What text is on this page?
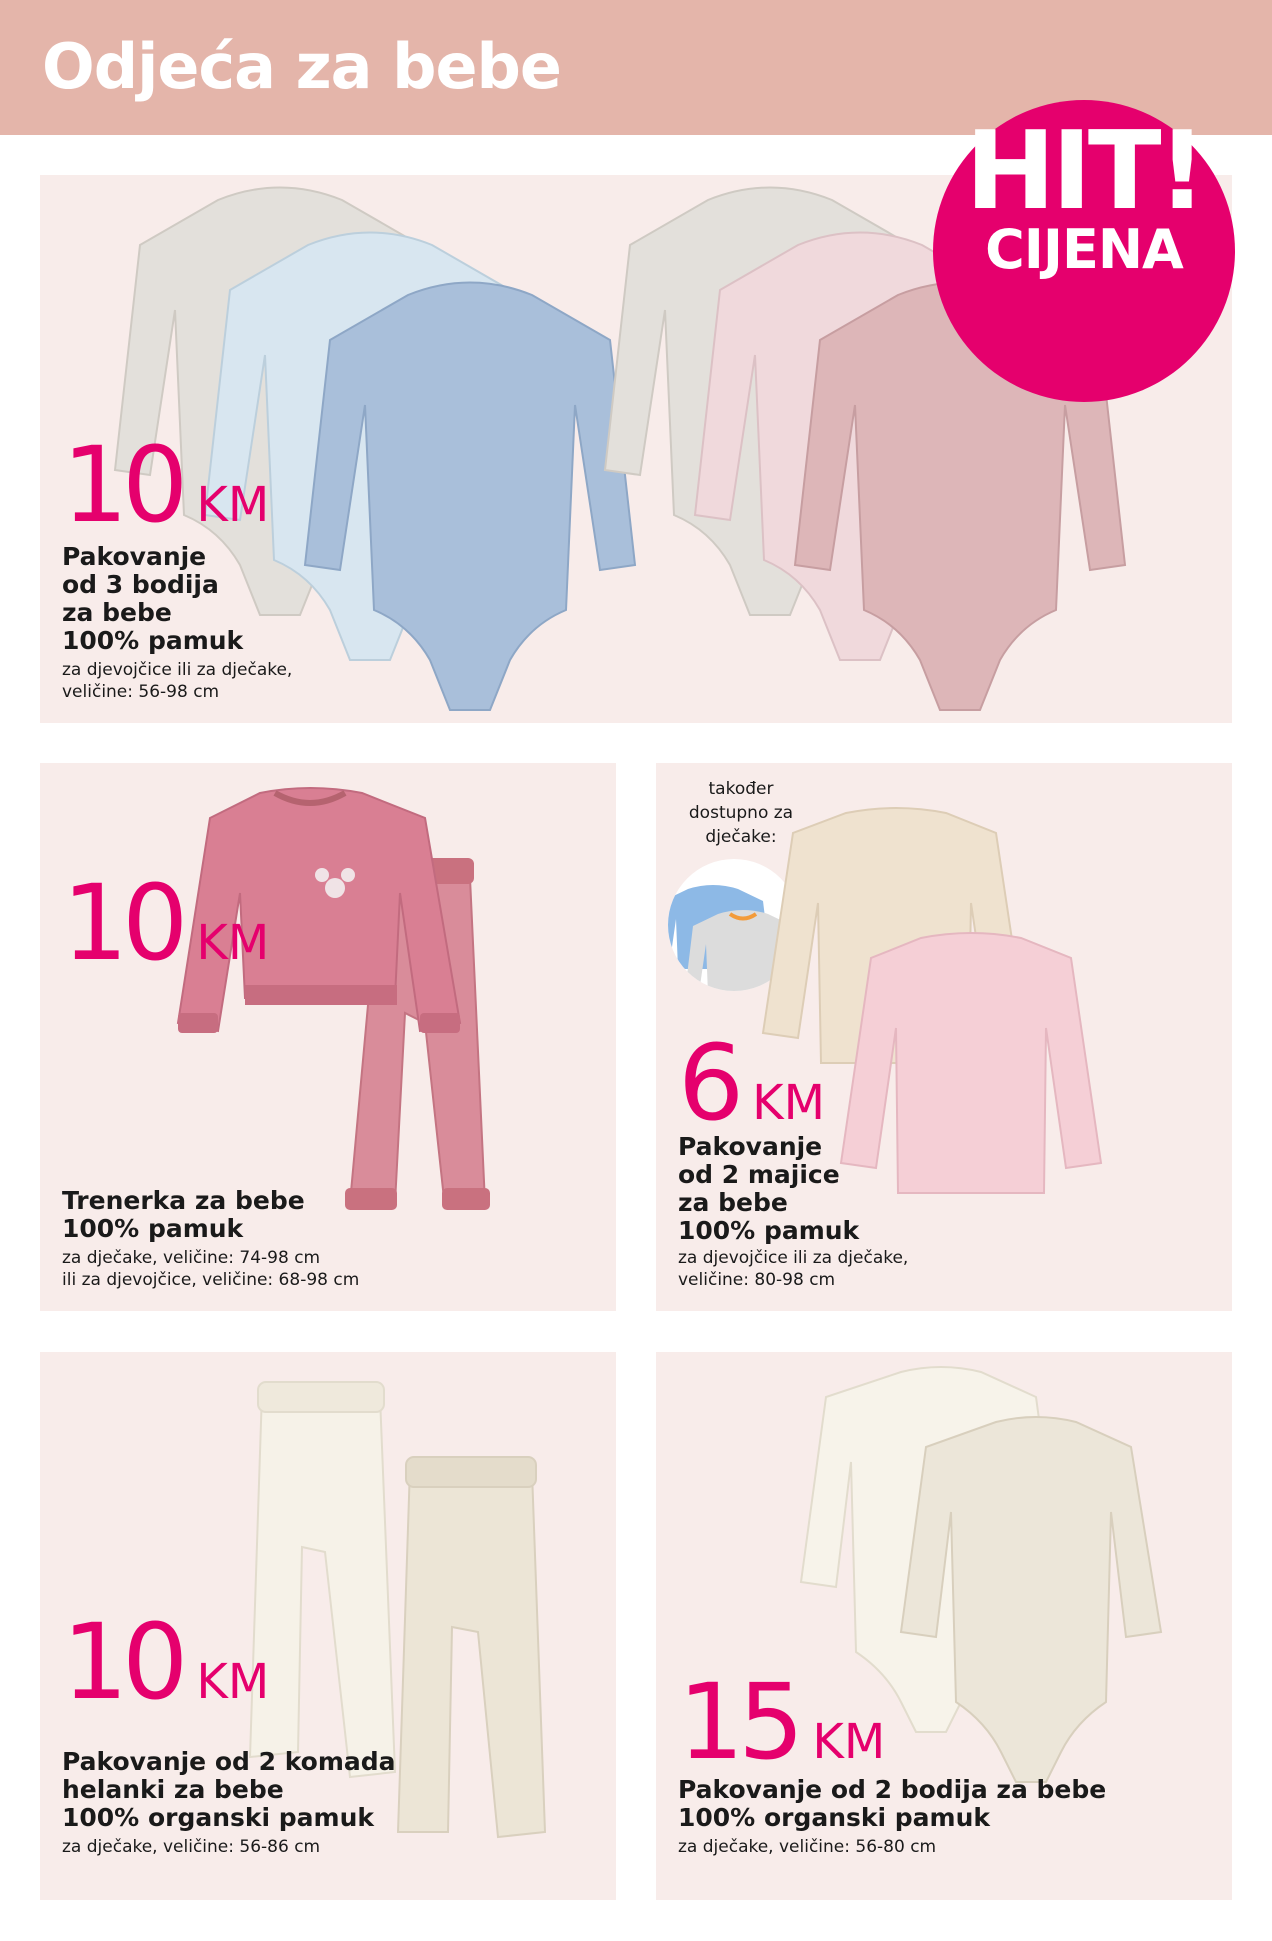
Odjeća za bebe
10 KM
Pakovanje
od 3 bodija
za bebe
100% pamuk
za djevojčice ili za dječake,
veličine: 56-98 cm
HIT!
CIJENA
10 KM
Trenerka za bebe
100% pamuk
za dječake, veličine: 74-98 cm
ili za djevojčice, veličine: 68-98 cm
također
dostupno za
dječake:
6 KM
Pakovanje
od 2 majice
za bebe
100% pamuk
za djevojčice ili za dječake,
veličine: 80-98 cm
10 KM
Pakovanje od 2 komada
helanki za bebe
100% organski pamuk
za dječake, veličine: 56-86 cm
15 KM
Pakovanje od 2 bodija za bebe
100% organski pamuk
za dječake, veličine: 56-80 cm
